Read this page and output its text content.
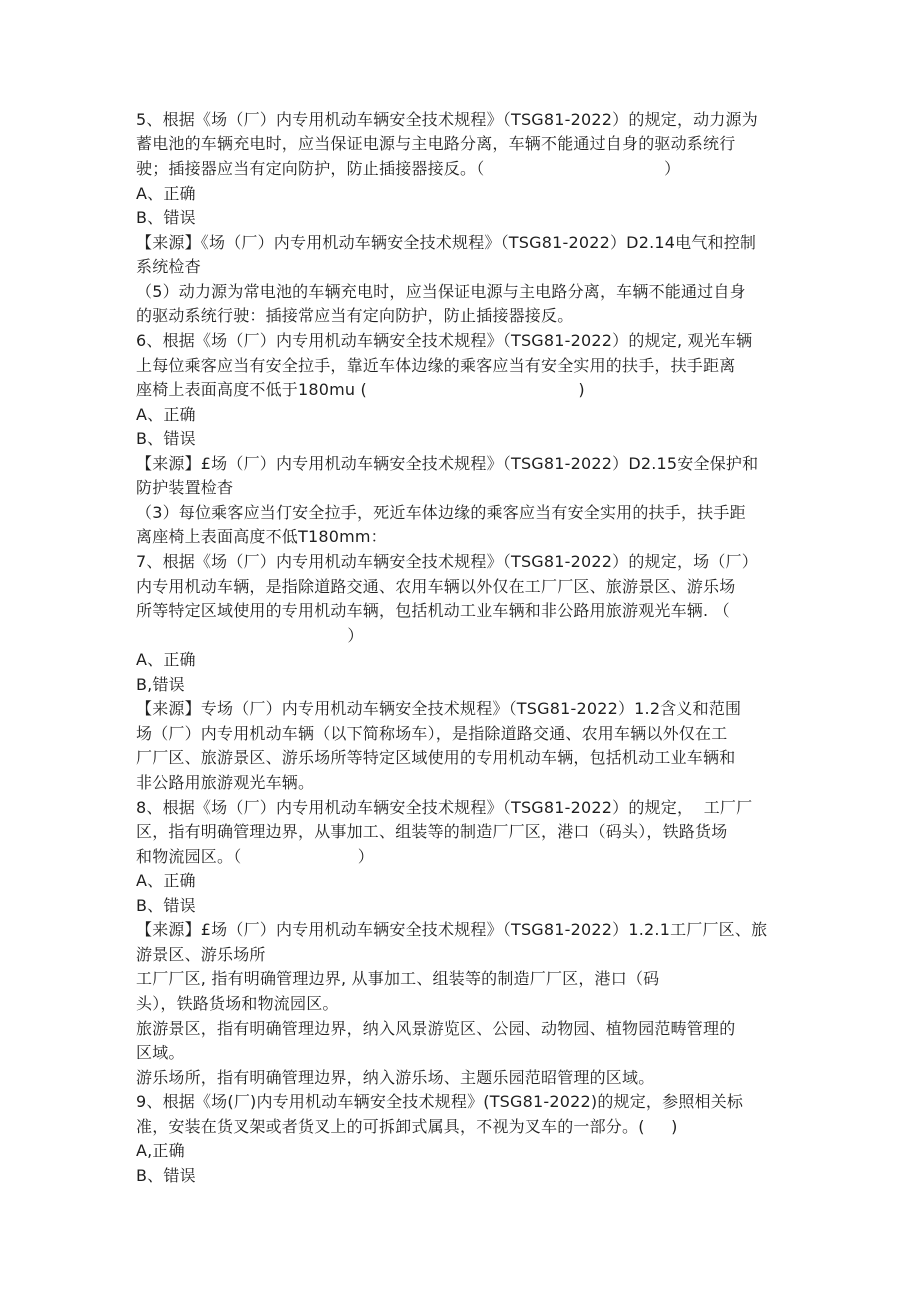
5、根据《场（厂）内专用机动车辆安全技术规程》（TSG81-2022）的规定，动力源为

蓄电池的车辆充电时，应当保证电源与主电路分离，车辆不能通过自身的驱动系统行

驶；插接器应当有定向防护，防止插接器接反。（                                  ）

A、正确

B、错误

【来源】《场（厂）内专用机动车辆安全技术规程》（TSG81-2022）D2.14电气和控制

系统检杳

（5）动力源为常电池的车辆充电时，应当保证电源与主电路分离，车辆不能通过自身

的驱动系统行驶：插接常应当有定向防护，防止插接器接反。

6、根据《场（厂）内专用机动车辆安全技术规程》（TSG81-2022）的规定, 观光车辆

上每位乘客应当有安全拉手，靠近车体边缘的乘客应当有安全实用的扶手，扶手距离

座椅上表面高度不低于180mu (                                        )

A、正确

B、错误

【来源】£场（厂）内专用机动车辆安全技术规程》（TSG81-2022）D2.15安全保护和

防护装置检杳

（3）每位乘客应当仃安全拉手，死近车体边缘的乘客应当有安全实用的扶手，扶手距

离座椅上表面高度不低T180mm：

7、根据《场（厂）内专用机动车辆安全技术规程》（TSG81-2022）的规定，场（厂）

内专用机动车辆，是指除道路交通、农用车辆以外仅在工厂厂区、旅游景区、游乐场

所等特定区域使用的专用机动车辆，包括机动工业车辆和非公路用旅游观光车辆. （

）

A、正确

B,错误

【来源】专场（厂）内专用机动车辆安全技术规程》（TSG81-2022）1.2含义和范围

场（厂）内专用机动车辆（以下简称场车），是指除道路交通、农用车辆以外仅在工

厂厂区、旅游景区、游乐场所等特定区域使用的专用机动车辆，包括机动工业车辆和

非公路用旅游观光车辆。

8、根据《场（厂）内专用机动车辆安全技术规程》（TSG81-2022）的规定，  工厂厂

区，指有明确管理边界，从事加工、组装等的制造厂厂区，港口（码头），铁路货场

和物流园区。（                      ）

A、正确

B、错误

【来源】£场（厂）内专用机动车辆安全技术规程》（TSG81-2022）1.2.1工厂厂区、旅

游景区、游乐场所

工厂厂区, 指有明确管理边界, 从事加工、组装等的制造厂厂区，港口（码

头），铁路货场和物流园区。

旅游景区，指有明确管理边界，纳入风景游览区、公园、动物园、植物园范畴管理的

区域。

游乐场所，指有明确管理边界，纳入游乐场、主题乐园范昭管理的区域。

9、根据《场(厂)内专用机动车辆安全技术规程》(TSG81-2022)的规定，参照相关标

准，安装在货叉架或者货叉上的可拆卸式属具，不视为叉车的一部分。(     )

A,正确

B、错误
